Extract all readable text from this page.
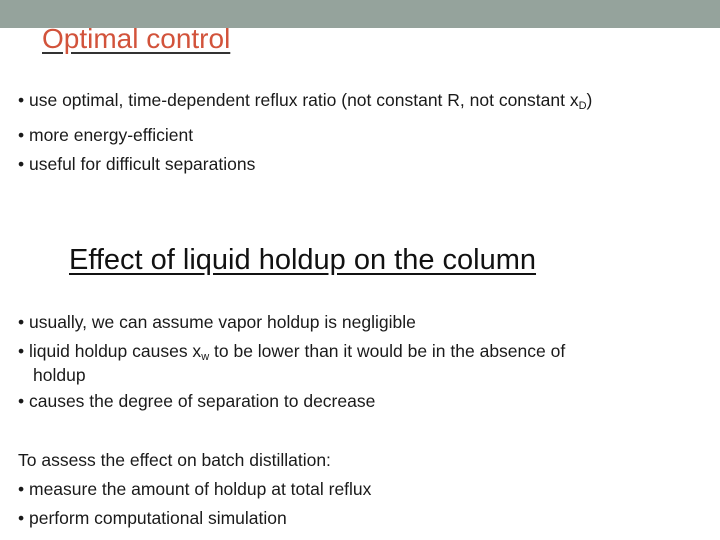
Optimal control
• use optimal, time-dependent reflux ratio (not constant R, not constant $x_D$)
• more energy-efficient
• useful for difficult separations
Effect of liquid holdup on the column
• usually, we can assume vapor holdup is negligible
• liquid holdup causes $x_w$ to be lower than it would be in the absence of
holdup
• causes the degree of separation to decrease

To assess the effect on batch distillation:

• measure the amount of holdup at total reflux
• perform computational simulation
